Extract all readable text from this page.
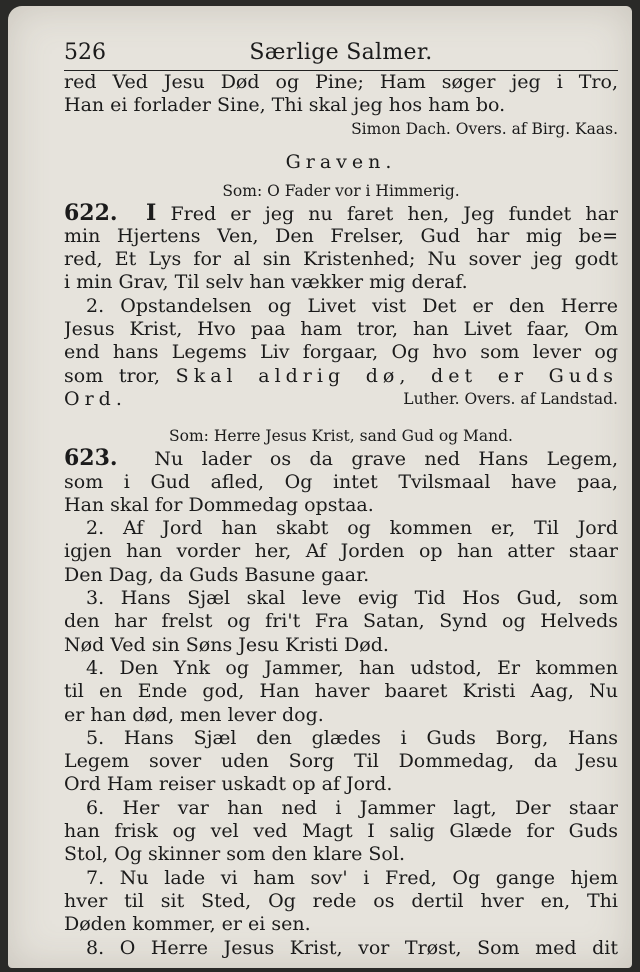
526	Særlige Salmer.
red Ved Jesu Død og Pine; Ham søger jeg i Tro,
Han ei forlader Sine, Thi skal jeg hos ham bo.
Simon Dach. Overs. af Birg. Kaas.
Graven.
Som: O Fader vor i Himmerig.
622. I Fred er jeg nu faret hen, Jeg fundet har
min Hjertens Ven, Den Frelser, Gud har mig be=
red, Et Lys for al sin Kristenhed; Nu sover jeg godt
i min Grav, Til selv han vækker mig deraf.
2. Opstandelsen og Livet vist Det er den Herre
Jesus Krist, Hvo paa ham tror, han Livet faar, Om
end hans Legems Liv forgaar, Og hvo som lever og
som tror, Skal aldrig dø, det er Guds
Ord.	Luther. Overs. af Landstad.
Som: Herre Jesus Krist, sand Gud og Mand.
623. Nu lader os da grave ned Hans Legem,
som i Gud afled, Og intet Tvilsmaal have paa,
Han skal for Dommedag opstaa.
2. Af Jord han skabt og kommen er, Til Jord
igjen han vorder her, Af Jorden op han atter staar
Den Dag, da Guds Basune gaar.
3. Hans Sjæl skal leve evig Tid Hos Gud, som
den har frelst og fri't Fra Satan, Synd og Helveds
Nød Ved sin Søns Jesu Kristi Død.
4. Den Ynk og Jammer, han udstod, Er kommen
til en Ende god, Han haver baaret Kristi Aag, Nu
er han død, men lever dog.
5. Hans Sjæl den glædes i Guds Borg, Hans
Legem sover uden Sorg Til Dommedag, da Jesu
Ord Ham reiser uskadt op af Jord.
6. Her var han ned i Jammer lagt, Der staar
han frisk og vel ved Magt I salig Glæde for Guds
Stol, Og skinner som den klare Sol.
7. Nu lade vi ham sov' i Fred, Og gange hjem
hver til sit Sted, Og rede os dertil hver en, Thi
Døden kommer, er ei sen.
8. O Herre Jesus Krist, vor Trøst, Som med dit
